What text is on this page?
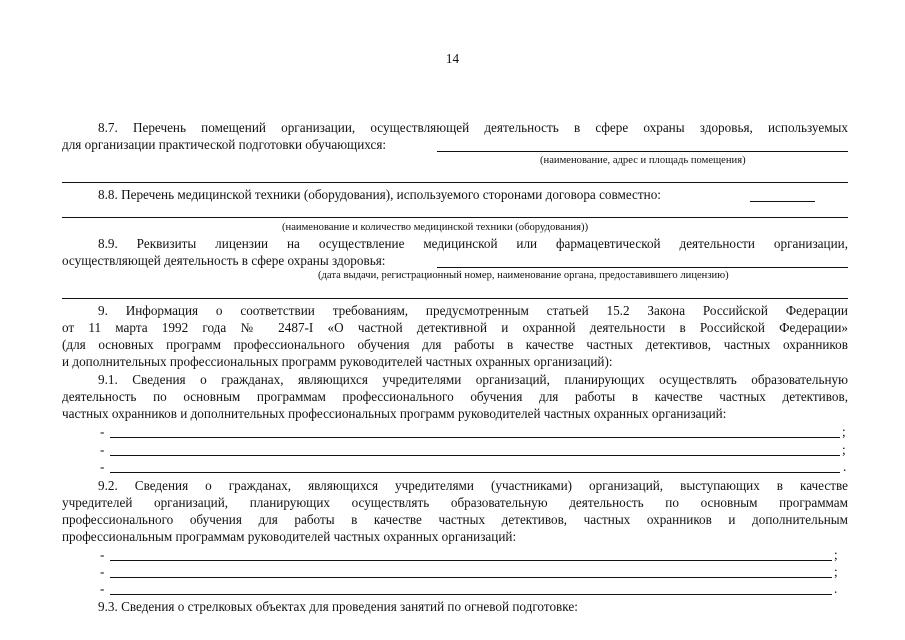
14
8.7. Перечень помещений организации, осуществляющей деятельность в сфере охраны здоровья, используемых
для организации практической подготовки обучающихся:
(наименование, адрес и площадь помещения)
8.8. Перечень медицинской техники (оборудования), используемого сторонами договора совместно:
(наименование и количество медицинской техники (оборудования))
8.9. Реквизиты лицензии на осуществление медицинской или фармацевтической деятельности организации,
осуществляющей деятельность в сфере охраны здоровья:
(дата выдачи, регистрационный номер, наименование органа, предоставившего лицензию)
9. Информация о соответствии требованиям, предусмотренным статьей 15.2 Закона Российской Федерации
от 11 марта 1992 года № 2487-I «О частной детективной и охранной деятельности в Российской Федерации»
(для основных программ профессионального обучения для работы в качестве частных детективов, частных охранников
и дополнительных профессиональных программ руководителей частных охранных организаций):
9.1. Сведения о гражданах, являющихся учредителями организаций, планирующих осуществлять образовательную
деятельность по основным программам профессионального обучения для работы в качестве частных детективов,
частных охранников и дополнительных профессиональных программ руководителей частных охранных организаций:
-	;
-	;
-	.
9.2. Сведения о гражданах, являющихся учредителями (участниками) организаций, выступающих в качестве
учредителей организаций, планирующих осуществлять образовательную деятельность по основным программам
профессионального обучения для работы в качестве частных детективов, частных охранников и дополнительным
профессиональным программам руководителей частных охранных организаций:
-	;
-	;
-	.
9.3. Сведения о стрелковых объектах для проведения занятий по огневой подготовке:
